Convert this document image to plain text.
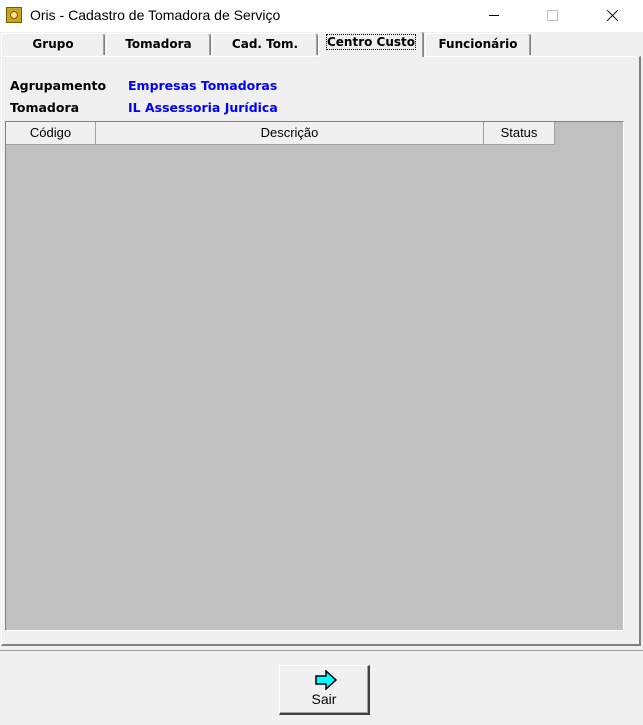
Oris - Cadastro de Tomadora de Serviço
Grupo	Tomadora	Cad. Tom.	Centro Custo	Funcionário
Agrupamento Empresas Tomadoras
Tomadora	IL Assessoria Jurídica
Código	Descrição	Status
Sair
